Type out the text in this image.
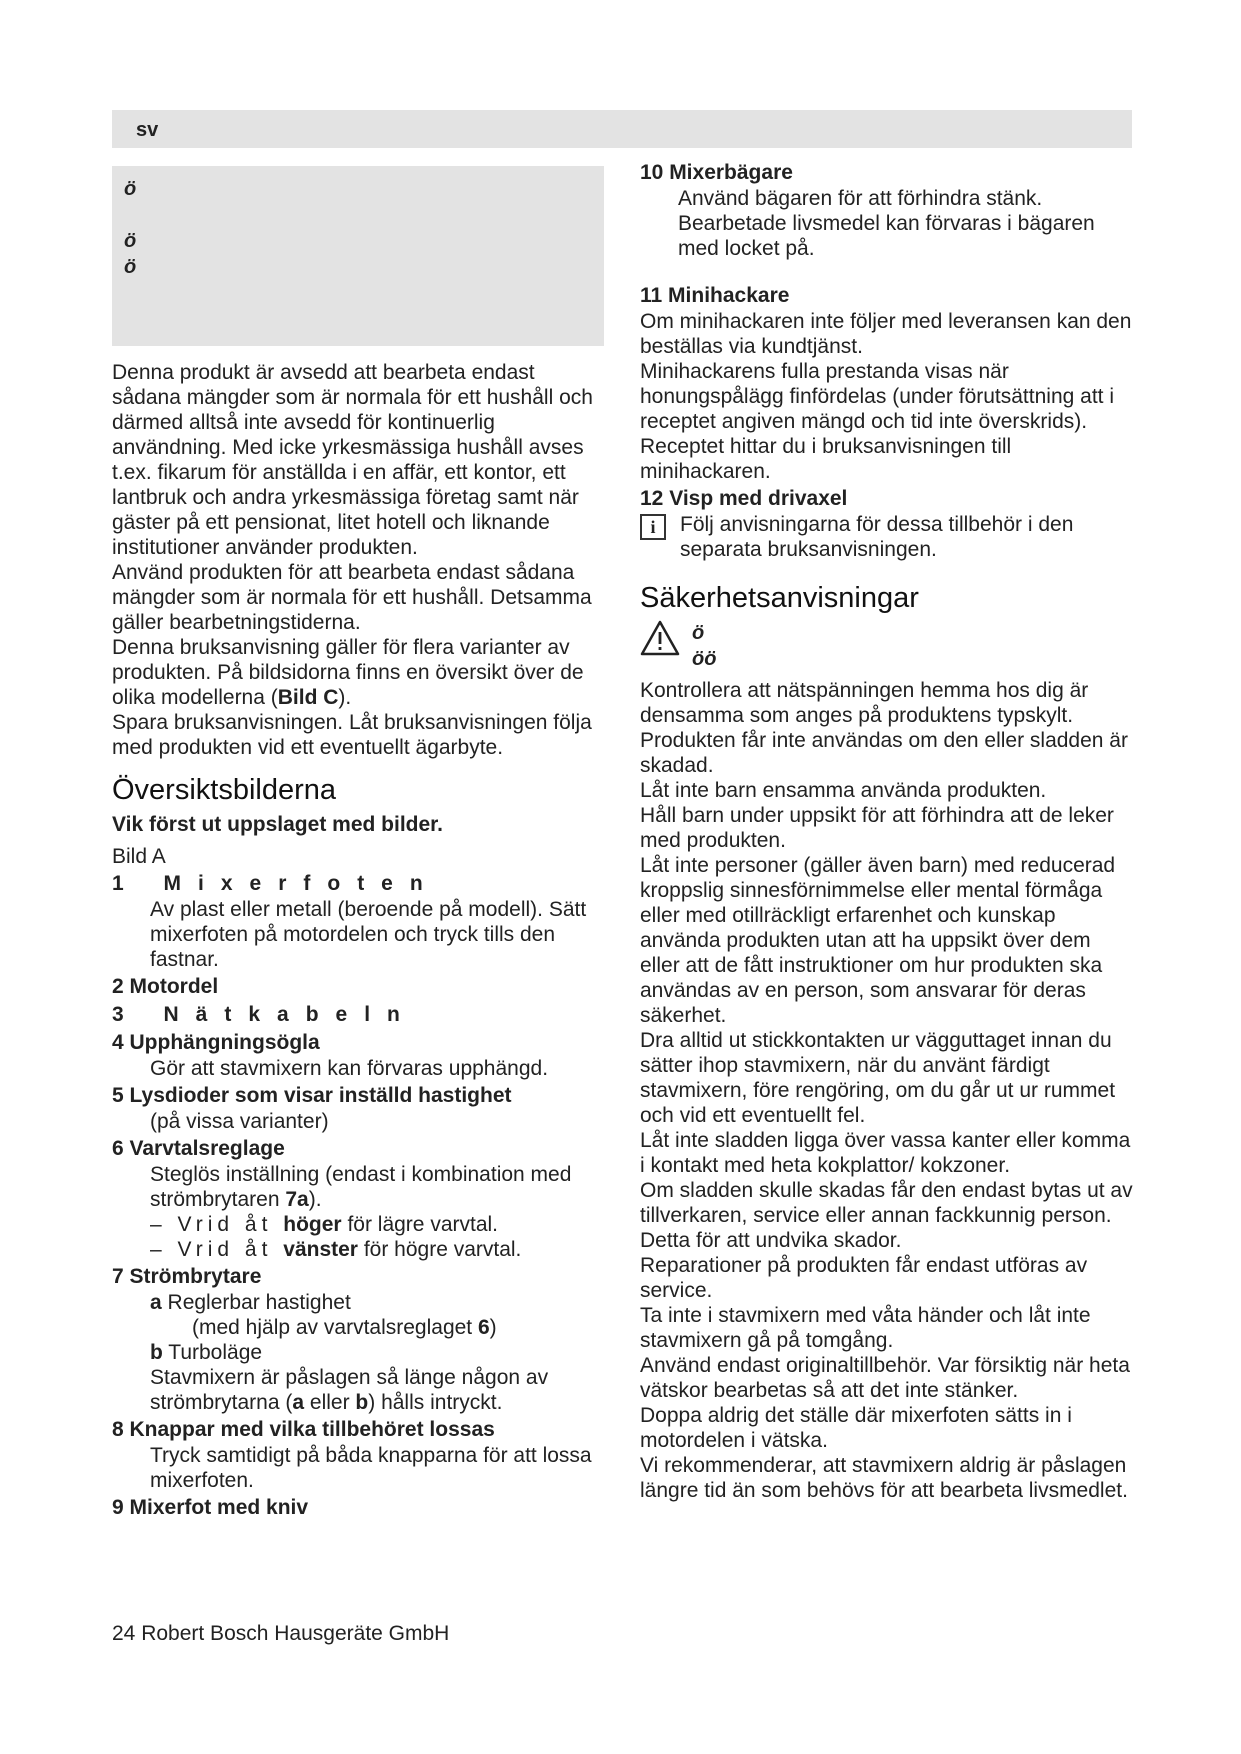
sv
ö
ö
ö

Denna produkt är avsedd att bearbeta endast sådana mängder som är normala för ett hushåll och därmed alltså inte avsedd för kontinuerlig användning. Med icke yrkesmässiga hushåll avses t.ex. fikarum för anställda i en affär, ett kontor, ett lantbruk och andra yrkesmässiga företag samt när gäster på ett pensionat, litet hotell och liknande institutioner använder produkten.

Använd produkten för att bearbeta endast sådana mängder som är normala för ett hushåll. Detsamma gäller bearbetningstiderna.

Denna bruksanvisning gäller för flera varianter av produkten. På bildsidorna finns en översikt över de olika modellerna (Bild C).

Spara bruksanvisningen. Låt bruksanvisningen följa med produkten vid ett eventuellt ägarbyte.

Översiktsbilderna
Vik först ut uppslaget med bilder.

Bild A

1 Mixerfoten

Av plast eller metall (beroende på modell). Sätt mixerfoten på motordelen och tryck tills den fastnar.

2 Motordel
3 Nätkabeln
4 Upphängningsögla

Gör att stavmixern kan förvaras upphängd.

5 Lysdioder som visar inställd hastighet

(på vissa varianter)

6 Varvtalsreglage

Steglös inställning (endast i kombination med strömbrytaren 7a).

– Vrid åt höger för lägre varvtal.

– Vrid åt vänster för högre varvtal.

7 Strömbrytare

a Reglerbar hastighet

(med hjälp av varvtalsreglaget 6)

b Turboläge

Stavmixern är påslagen så länge någon av strömbrytarna (a eller b) hålls intryckt.

8 Knappar med vilka tillbehöret lossas

Tryck samtidigt på båda knapparna för att lossa mixerfoten.

9 Mixerfot med kniv
10 Mixerbägare

Använd bägaren för att förhindra stänk. Bearbetade livsmedel kan förvaras i bägaren med locket på.

11 Minihackare

Om minihackaren inte följer med leveransen kan den beställas via kundtjänst.

Minihackarens fulla prestanda visas när honungspålägg finfördelas (under förutsättning att i receptet angiven mängd och tid inte överskrids). Receptet hittar du i bruksanvisningen till minihackaren.

12 Visp med drivaxel
i	Följ anvisningarna för dessa tillbehör i den separata bruksanvisningen.

Säkerhetsanvisningar
ö
öö

Kontrollera att nätspänningen hemma hos dig är densamma som anges på produktens typskylt. Produkten får inte användas om den eller sladden är skadad.

Låt inte barn ensamma använda produkten.

Håll barn under uppsikt för att förhindra att de leker med produkten.

Låt inte personer (gäller även barn) med reducerad kroppslig sinnesförnimmelse eller mental förmåga eller med otillräckligt erfarenhet och kunskap använda produkten utan att ha uppsikt över dem eller att de fått instruktioner om hur produkten ska användas av en person, som ansvarar för deras säkerhet.

Dra alltid ut stickkontakten ur vägguttaget innan du sätter ihop stavmixern, när du använt färdigt stavmixern, före rengöring, om du går ut ur rummet och vid ett eventuellt fel.

Låt inte sladden ligga över vassa kanter eller komma i kontakt med heta kokplattor/ kokzoner.

Om sladden skulle skadas får den endast bytas ut av tillverkaren, service eller annan fackkunnig person. Detta för att undvika skador.

Reparationer på produkten får endast utföras av service.

Ta inte i stavmixern med våta händer och låt inte stavmixern gå på tomgång.

Använd endast originaltillbehör. Var försiktig när heta vätskor bearbetas så att det inte stänker.

Doppa aldrig det ställe där mixerfoten sätts in i motordelen i vätska.

Vi rekommenderar, att stavmixern aldrig är påslagen längre tid än som behövs för att bearbeta livsmedlet.

24 Robert Bosch Hausgeräte GmbH
